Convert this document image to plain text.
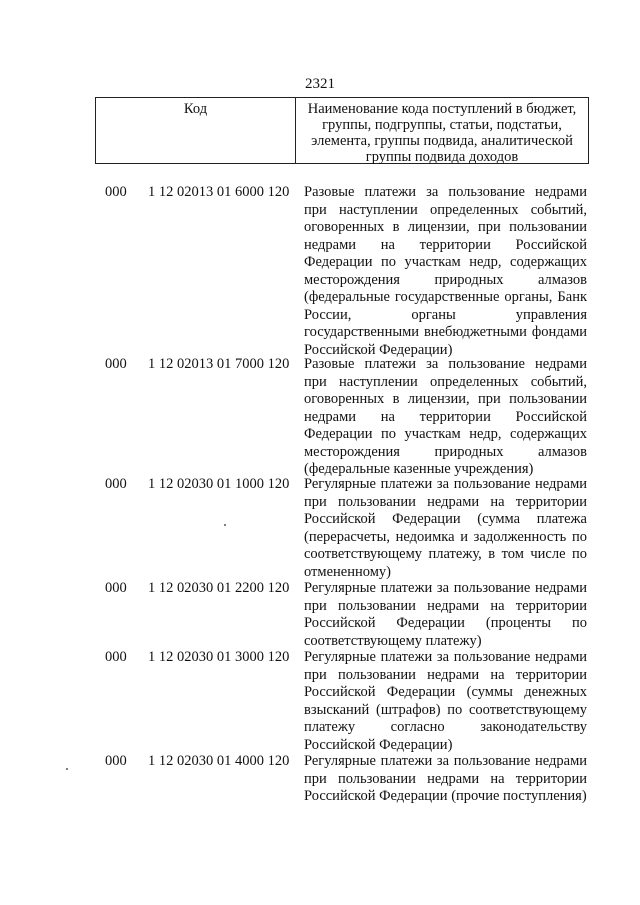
2321
Код	Наименование кода поступлений в бюджет, группы, подгруппы, статьи, подстатьи, элемента, группы подвида, аналитической группы подвида доходов
000 1 12 02013 01 6000 120 Разовые платежи за пользование недрами при наступлении определенных событий, оговоренных в лицензии, при пользовании недрами на территории Российской Федерации по участкам недр, содержащих месторождения природных алмазов (федеральные государственные органы, Банк России, органы управления государственными внебюджетными фондами Российской Федерации)
000 1 12 02013 01 7000 120 Разовые платежи за пользование недрами при наступлении определенных событий, оговоренных в лицензии, при пользовании недрами на территории Российской Федерации по участкам недр, содержащих месторождения природных алмазов (федеральные казенные учреждения)
000 1 12 02030 01 1000 120 Регулярные платежи за пользование недрами при пользовании недрами на территории Российской Федерации (сумма платежа (перерасчеты, недоимка и задолженность по соответствующему платежу, в том числе по отмененному)
000 1 12 02030 01 2200 120 Регулярные платежи за пользование недрами при пользовании недрами на территории Российской Федерации (проценты по соответствующему платежу)
000 1 12 02030 01 3000 120 Регулярные платежи за пользование недрами при пользовании недрами на территории Российской Федерации (суммы денежных взысканий (штрафов) по соответствующему платежу согласно законодательству Российской Федерации)
000 1 12 02030 01 4000 120 Регулярные платежи за пользование недрами при пользовании недрами на территории Российской Федерации (прочие поступления)
